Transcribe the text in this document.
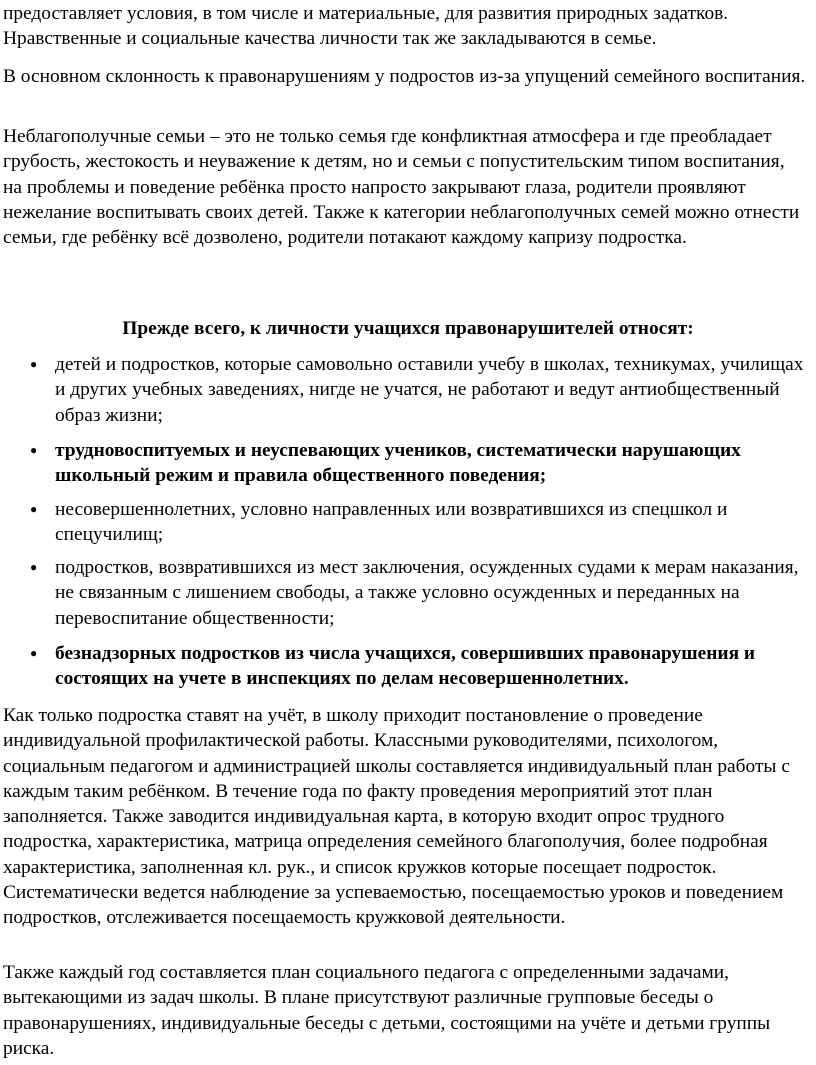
предоставляет условия, в том числе и материальные, для развития природных задатков. Нравственные и социальные качества личности так же закладываются в семье.

В основном склонность к правонарушениям у подростов из-за упущений семейного воспитания.

Неблагополучные семьи – это не только семья где конфликтная атмосфера и где преобладает грубость, жестокость и неуважение к детям, но и семьи с попустительским типом воспитания, на проблемы и поведение ребёнка просто напросто закрывают глаза, родители проявляют нежелание воспитывать своих детей. Также к категории неблагополучных семей можно отнести семьи, где ребёнку всё дозволено, родители потакают каждому капризу подростка.

Прежде всего, к личности учащихся правонарушителей относят:

● детей и подростков, которые самовольно оставили учебу в школах, техникумах, училищах и других учебных заведениях, нигде не учатся, не работают и ведут антиобщественный образ жизни;
● трудновоспитуемых и неуспевающих учеников, систематически нарушающих школьный режим и правила общественного поведения;
● несовершеннолетних, условно направленных или возвратившихся из спецшкол и спецучилищ;
● подростков, возвратившихся из мест заключения, осужденных судами к мерам наказания, не связанным с лишением свободы, а также условно осужденных и переданных на перевоспитание общественности;
● безнадзорных подростков из числа учащихся, совершивших правонарушения и состоящих на учете в инспекциях по делам несовершеннолетних.

Как только подростка ставят на учёт, в школу приходит постановление о проведение индивидуальной профилактической работы. Классными руководителями, психологом, социальным педагогом и администрацией школы составляется индивидуальный план работы с каждым таким ребёнком. В течение года по факту проведения мероприятий этот план заполняется. Также заводится индивидуальная карта, в которую входит опрос трудного подростка, характеристика, матрица определения семейного благополучия, более подробная характеристика, заполненная кл. рук., и список кружков которые посещает подросток. Систематически ведется наблюдение за успеваемостью, посещаемостью уроков и поведением подростков, отслеживается посещаемость кружковой деятельности.

Также каждый год составляется план социального педагога с определенными задачами, вытекающими из задач школы. В плане присутствуют различные групповые беседы о правонарушениях, индивидуальные беседы с детьми, состоящими на учёте и детьми группы риска.
